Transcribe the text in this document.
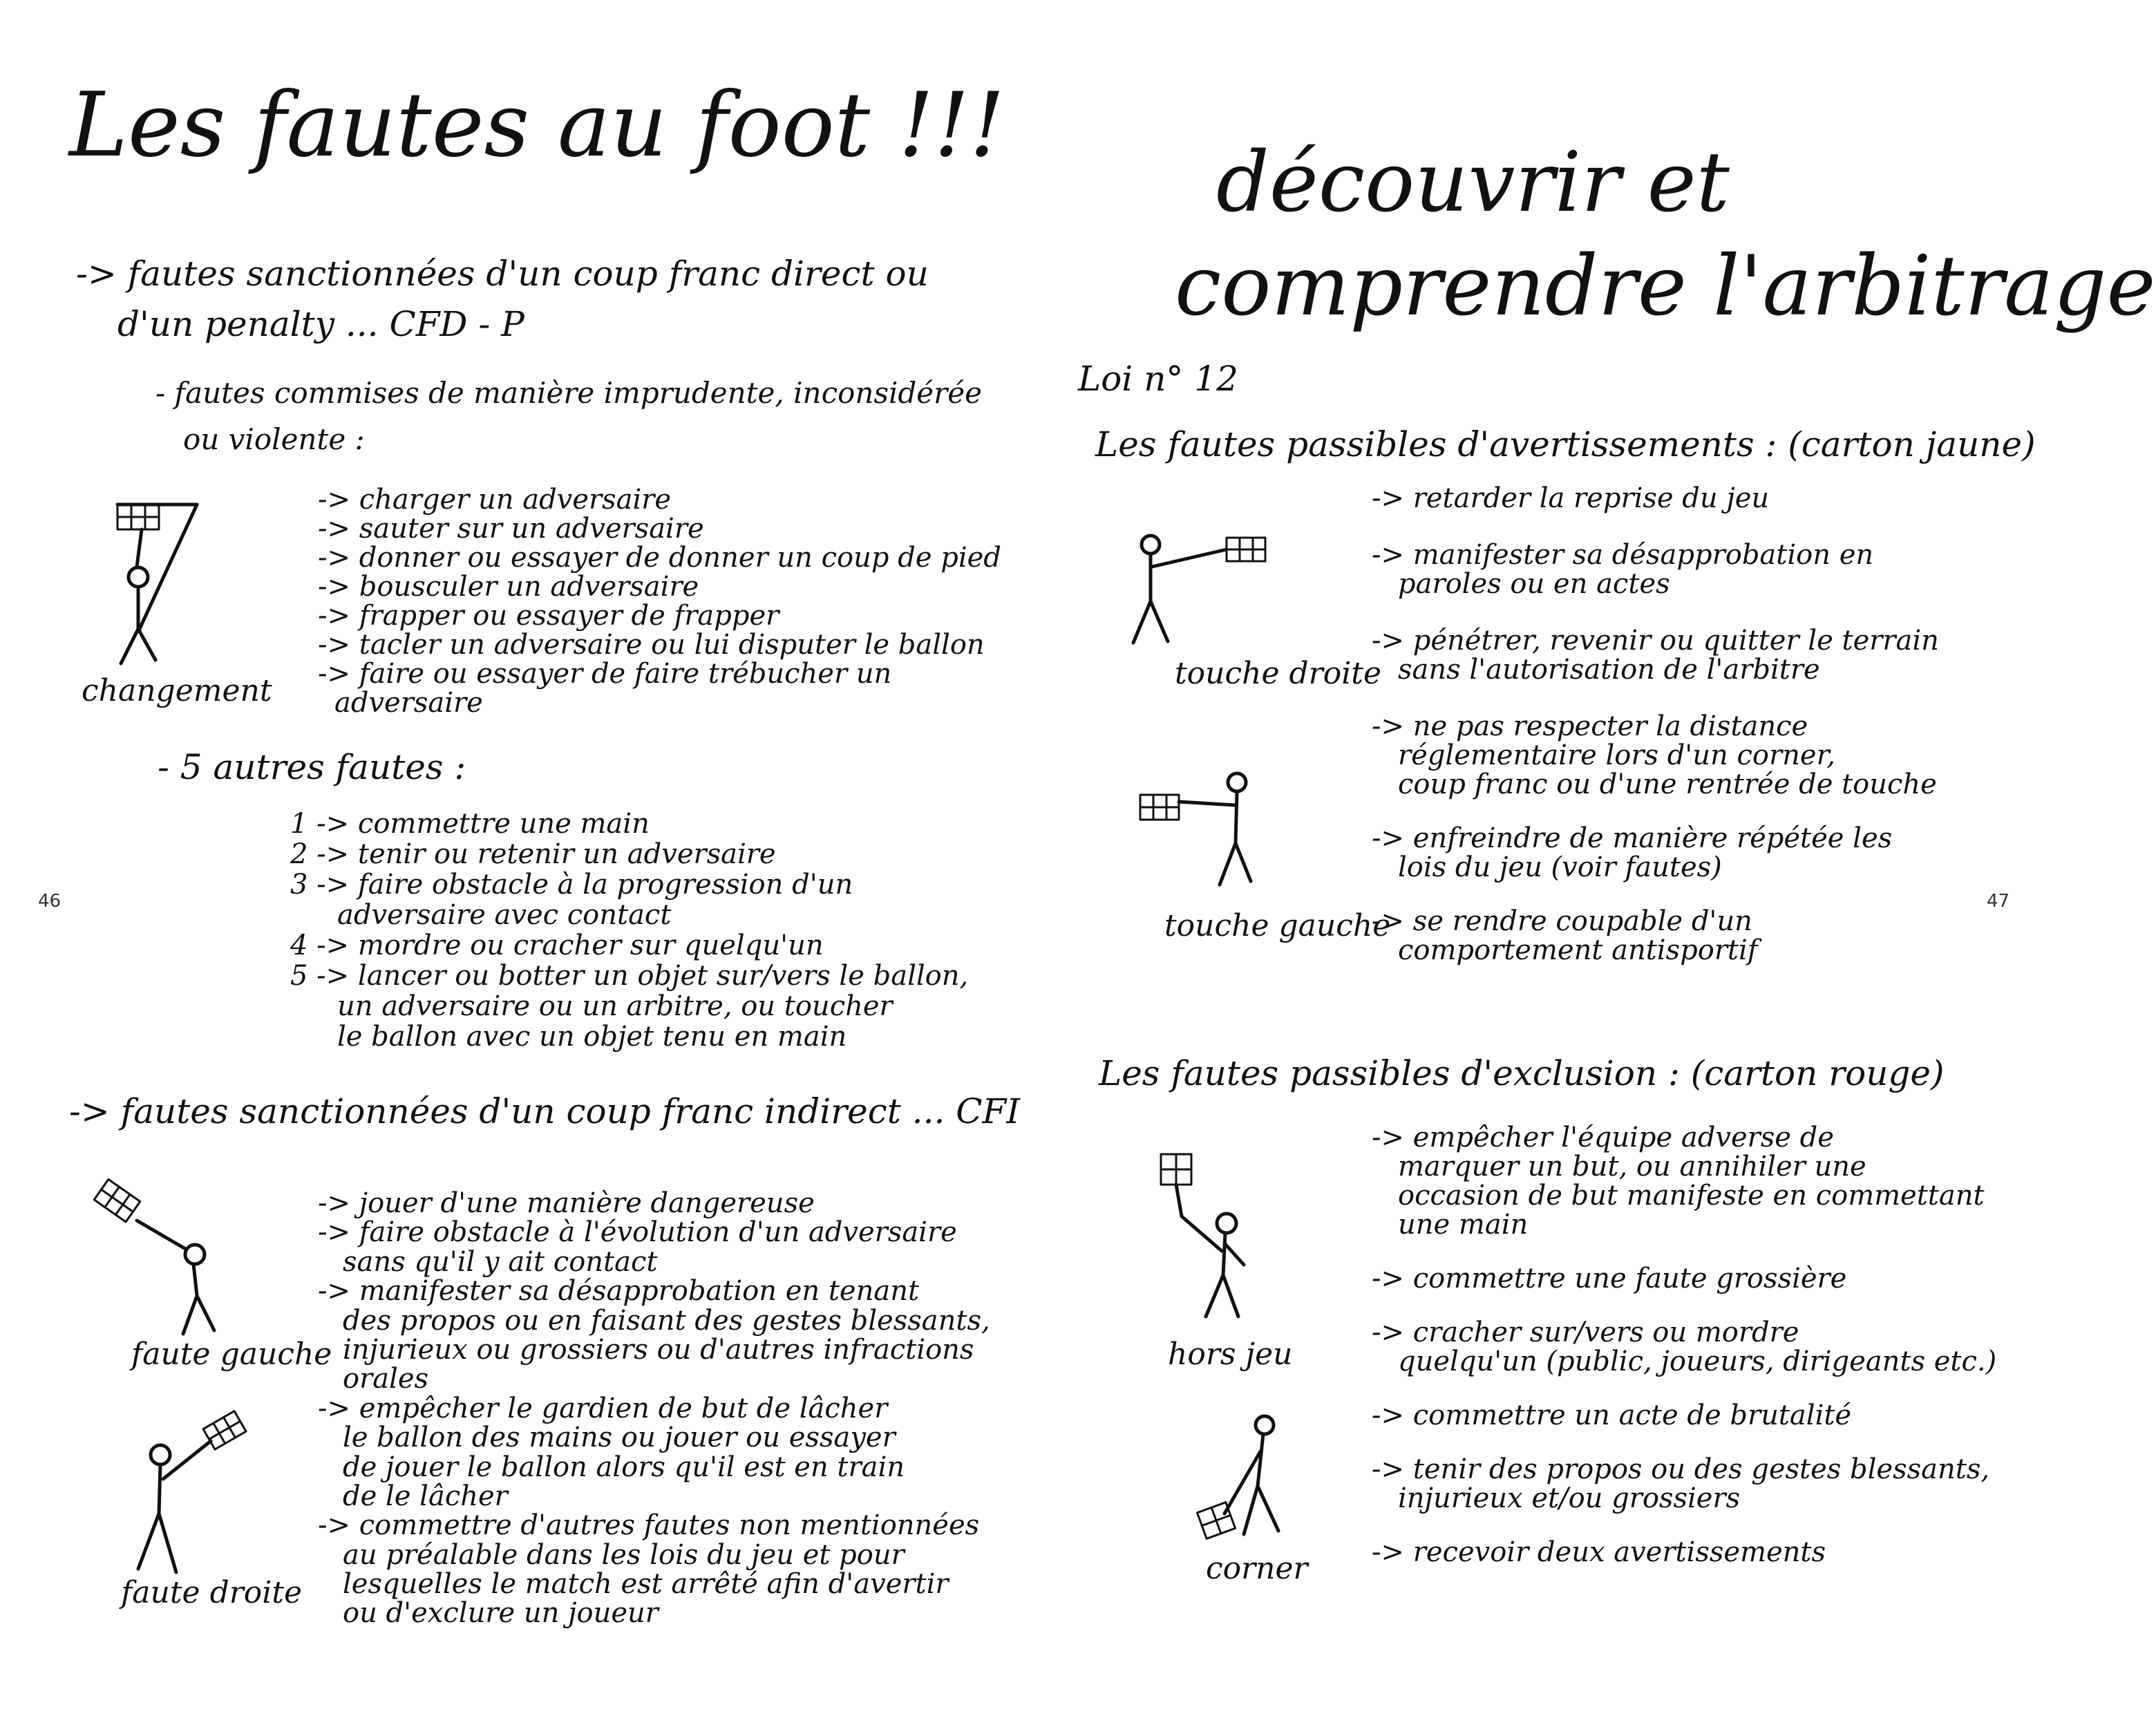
Les fautes au foot !!!
-> fautes sanctionnées d'un coup franc direct ou
d'un penalty ... CFD - P
- fautes commises de manière imprudente, inconsidérée
ou violente :
changement
-> charger un adversaire
-> sauter sur un adversaire
-> donner ou essayer de donner un coup de pied
-> bousculer un adversaire
-> frapper ou essayer de frapper
-> tacler un adversaire ou lui disputer le ballon
-> faire ou essayer de faire trébucher un
adversaire
- 5 autres fautes :
1 -> commettre une main
2 -> tenir ou retenir un adversaire
3 -> faire obstacle à la progression d'un
adversaire avec contact
4 -> mordre ou cracher sur quelqu'un
5 -> lancer ou botter un objet sur/vers le ballon,
un adversaire ou un arbitre, ou toucher
le ballon avec un objet tenu en main
-> fautes sanctionnées d'un coup franc indirect ... CFI
faute gauche
faute droite
-> jouer d'une manière dangereuse
-> faire obstacle à l'évolution d'un adversaire
sans qu'il y ait contact
-> manifester sa désapprobation en tenant
des propos ou en faisant des gestes blessants,
injurieux ou grossiers ou d'autres infractions
orales
-> empêcher le gardien de but de lâcher
le ballon des mains ou jouer ou essayer
de jouer le ballon alors qu'il est en train
de le lâcher
-> commettre d'autres fautes non mentionnées
au préalable dans les lois du jeu et pour
lesquelles le match est arrêté afin d'avertir
ou d'exclure un joueur
46
découvrir et
comprendre l'arbitrage
Loi n° 12
Les fautes passibles d'avertissements : (carton jaune)
-> retarder la reprise du jeu
-> manifester sa désapprobation en
paroles ou en actes
-> pénétrer, revenir ou quitter le terrain
sans l'autorisation de l'arbitre
-> ne pas respecter la distance
réglementaire lors d'un corner,
coup franc ou d'une rentrée de touche
-> enfreindre de manière répétée les
lois du jeu (voir fautes)
-> se rendre coupable d'un
comportement antisportif
touche droite
touche gauche
Les fautes passibles d'exclusion : (carton rouge)
-> empêcher l'équipe adverse de
marquer un but, ou annihiler une
occasion de but manifeste en commettant
une main
-> commettre une faute grossière
-> cracher sur/vers ou mordre
quelqu'un (public, joueurs, dirigeants etc.)
-> commettre un acte de brutalité
-> tenir des propos ou des gestes blessants,
injurieux et/ou grossiers
-> recevoir deux avertissements
hors jeu
corner
47
